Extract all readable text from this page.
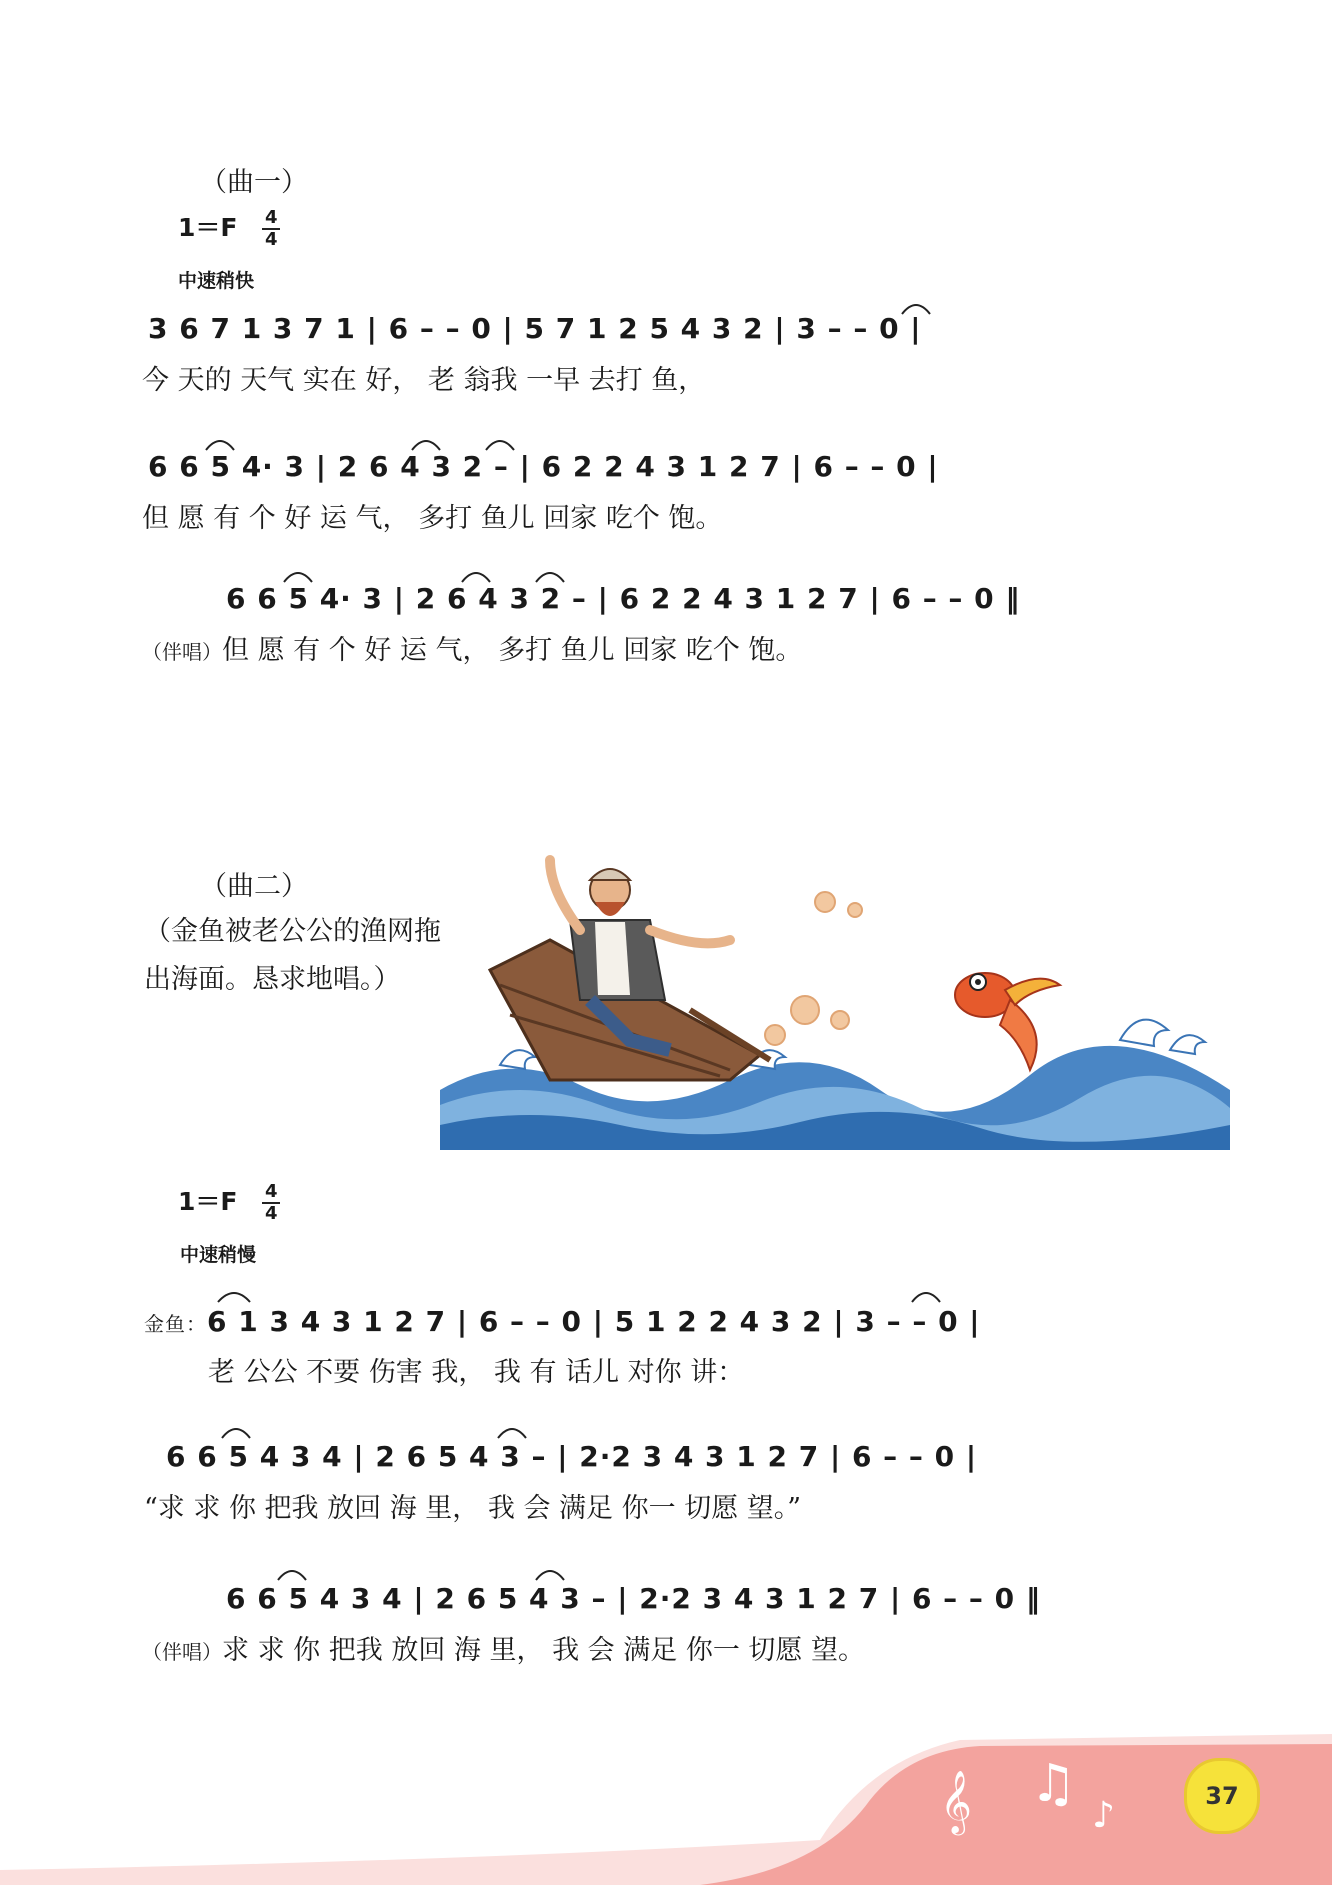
（曲一）
$1=F \frac{4}{4}$
中速稍快
3 6 7 1 3 7 1 | 6 – – 0 | 5 7 1 2 5 4 3 2 | 3 – – 0 |
今 天的 天气 实在 好， 老 翁我 一早 去打 鱼，
6 6 5 4· 3 | 2 6 4 3 2 – | 6 2 2 4 3 1 2 7 | 6 – – 0 |
但 愿 有 个 好 运 气， 多打 鱼儿 回家 吃个 饱。
6 6 5 4· 3 | 2 6 4 3 2 – | 6 2 2 4 3 1 2 7 | 6 – – 0 ‖
（伴唱）但 愿 有 个 好 运 气， 多打 鱼儿 回家 吃个 饱。
（曲二）
（金鱼被老公公的渔网拖
出海面。恳求地唱。）
$1=F \frac{4}{4}$
中速稍慢
金鱼：6 1 3 4 3 1 2 7 | 6 – – 0 | 5 1 2 2 4 3 2 | 3 – – 0 |
老 公公 不要 伤害 我， 我 有 话儿 对你 讲：
6 6 5 4 3 4 | 2 6 5 4 3 – | 2·2 3 4 3 1 2 7 | 6 – – 0 |
“求 求 你 把我 放回 海 里， 我 会 满足 你一 切愿 望。”
6 6 5 4 3 4 | 2 6 5 4 3 – | 2·2 3 4 3 1 2 7 | 6 – – 0 ‖
（伴唱）求 求 你 把我 放回 海 里， 我 会 满足 你一 切愿 望。
𝄞 ♫
♪	37
